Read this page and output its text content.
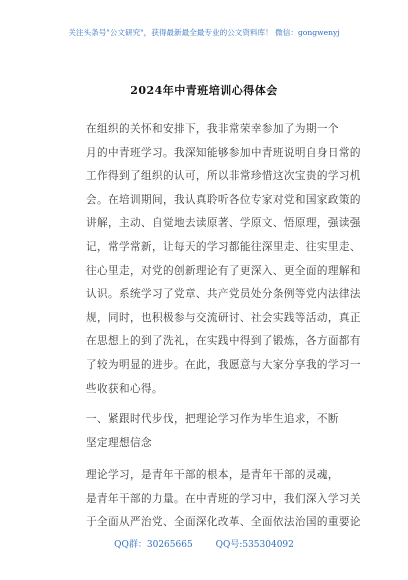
关注头条号"公文研究"，获得最新最全最专业的公文资料库！ 微信：gongwenyj
2024年中青班培训心得体会
在组织的关怀和安排下，我非常荣幸参加了为期一个
月的中青班学习。我深知能够参加中青班说明自身日常的
工作得到了组织的认可，所以非常珍惜这次宝贵的学习机
会。在培训期间，我认真聆听各位专家对党和国家政策的
讲解，主动、自觉地去读原著、学原文、悟原理，强读强
记，常学常新，让每天的学习都能往深里走、往实里走、
往心里走，对党的创新理论有了更深入、更全面的理解和
认识。系统学习了党章、共产党员处分条例等党内法律法
规，同时，也积极参与交流研讨、社会实践等活动，真正
在思想上的到了洗礼，在实践中得到了锻炼，各方面都有
了较为明显的进步。在此，我愿意与大家分享我的学习一
些收获和心得。
一、紧跟时代步伐，把理论学习作为毕生追求，不断
坚定理想信念
理论学习，是青年干部的根本，是青年干部的灵魂，
是青年干部的力量。在中青班的学习中，我们深入学习关
于全面从严治党、全面深化改革、全面依法治国的重要论
QQ群：30265665	QQ号:535304092
